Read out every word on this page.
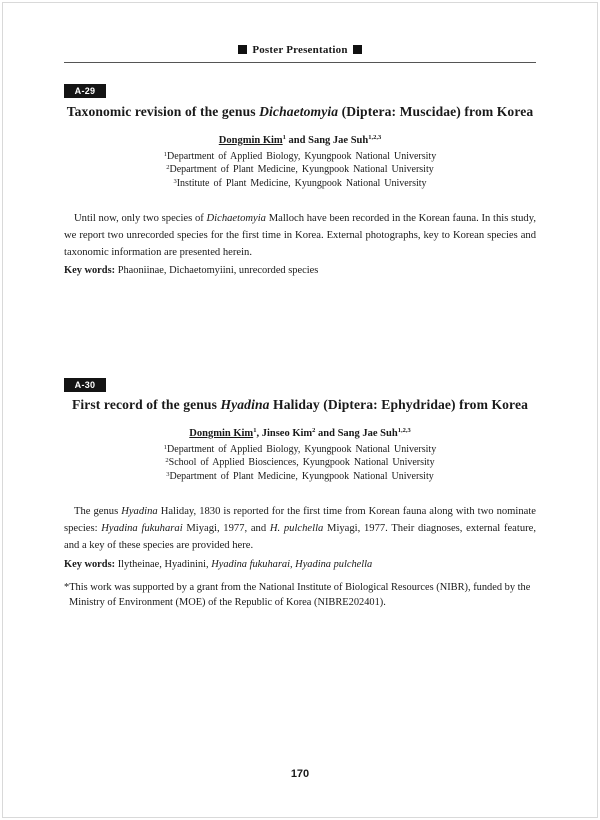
Poster Presentation
A-29
Taxonomic revision of the genus Dichaetomyia (Diptera: Muscidae) from Korea
Dongmin Kim$^1$ and Sang Jae Suh$^{1,2,3}$
$^1$Department of Applied Biology, Kyungpook National University
$^2$Department of Plant Medicine, Kyungpook National University
$^3$Institute of Plant Medicine, Kyungpook National University
Until now, only two species of Dichaetomyia Malloch have been recorded in the Korean fauna. In this study, we report two unrecorded species for the first time in Korea. External photographs, key to Korean species and taxonomic information are presented herein.
Key words: Phaoniinae, Dichaetomyiini, unrecorded species
A-30
First record of the genus Hyadina Haliday (Diptera: Ephydridae) from Korea
Dongmin Kim$^1$, Jinseo Kim$^2$ and Sang Jae Suh$^{1,2,3}$
$^1$Department of Applied Biology, Kyungpook National University
$^2$School of Applied Biosciences, Kyungpook National University
$^3$Department of Plant Medicine, Kyungpook National University
The genus Hyadina Haliday, 1830 is reported for the first time from Korean fauna along with two nominate species: Hyadina fukuharai Miyagi, 1977, and H. pulchella Miyagi, 1977. Their diagnoses, external feature, and a key of these species are provided here.
Key words: Ilytheinae, Hyadinini, Hyadina fukuharai, Hyadina pulchella
*This work was supported by a grant from the National Institute of Biological Resources (NIBR), funded by the
Ministry of Environment (MOE) of the Republic of Korea (NIBRE202401).
170
